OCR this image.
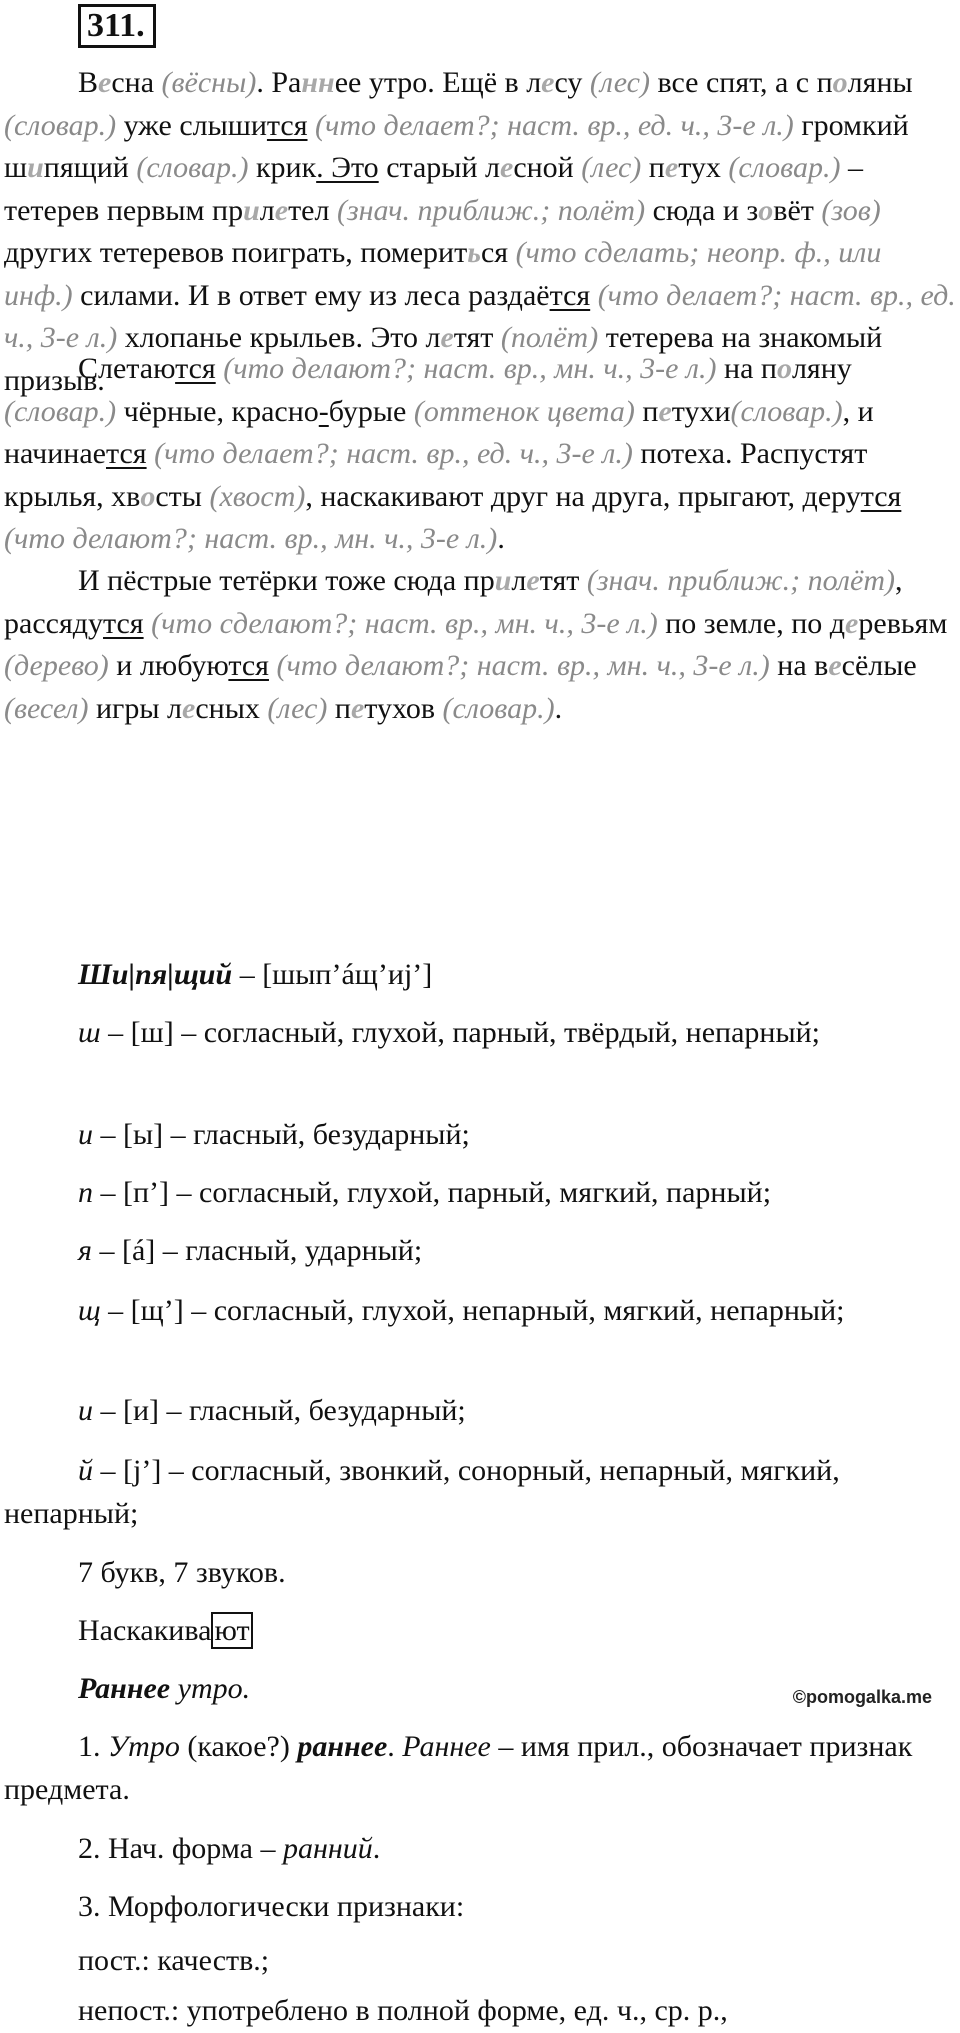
311.

Весна (вёсны). Раннее утро. Ещё в лесу (лес) все спят, а с поляны (словар.) уже слышится (что делает?; наст. вр., ед. ч., 3-е л.) громкий шипящий (словар.) крик. Это старый лесной (лес) петух (словар.) – тетерев первым прилетел (знач. приближ.; полёт) сюда и зовёт (зов) других тетеревов поиграть, помериться (что сделать; неопр. ф., или инф.) силами. И в ответ ему из леса раздаётся (что делает?; наст. вр., ед. ч., 3-е л.) хлопанье крыльев. Это летят (полёт) тетерева на знакомый призыв.

Слетаются (что делают?; наст. вр., мн. ч., 3-е л.) на поляну (словар.) чёрные, красно-бурые (оттенок цвета) петухи(словар.), и начинается (что делает?; наст. вр., ед. ч., 3-е л.) потеха. Распустят крылья, хвосты (хвост), наскакивают друг на друга, прыгают, дерутся (что делают?; наст. вр., мн. ч., 3-е л.).

И пёстрые тетёрки тоже сюда прилетят (знач. приближ.; полёт), рассядутся (что сделают?; наст. вр., мн. ч., 3-е л.) по земле, по деревьям (дерево) и любуются (что делают?; наст. вр., мн. ч., 3-е л.) на весёлые (весел) игры лесных (лес) петухов (словар.).

Ши|пя|щий – [шып’áщ’иj’]

ш – [ш] – согласный, глухой, парный, твёрдый, непарный;

и – [ы] – гласный, безударный;

п – [п’] – согласный, глухой, парный, мягкий, парный;

я – [á] – гласный, ударный;

щ – [щ’] – согласный, глухой, непарный, мягкий, непарный;

и – [и] – гласный, безударный;

й – [j’] – согласный, звонкий, сонорный, непарный, мягкий, непарный;

7 букв, 7 звуков.

Наскакива ют

Раннее утро.

1. Утро (какое?) раннее. Раннее – имя прил., обозначает признак предмета.

2. Нач. форма – ранний.

3. Морфологически признаки:

пост.: качеств.;

непост.: употреблено в полной форме, ед. ч., ср. р.,

©pomogalka.me
